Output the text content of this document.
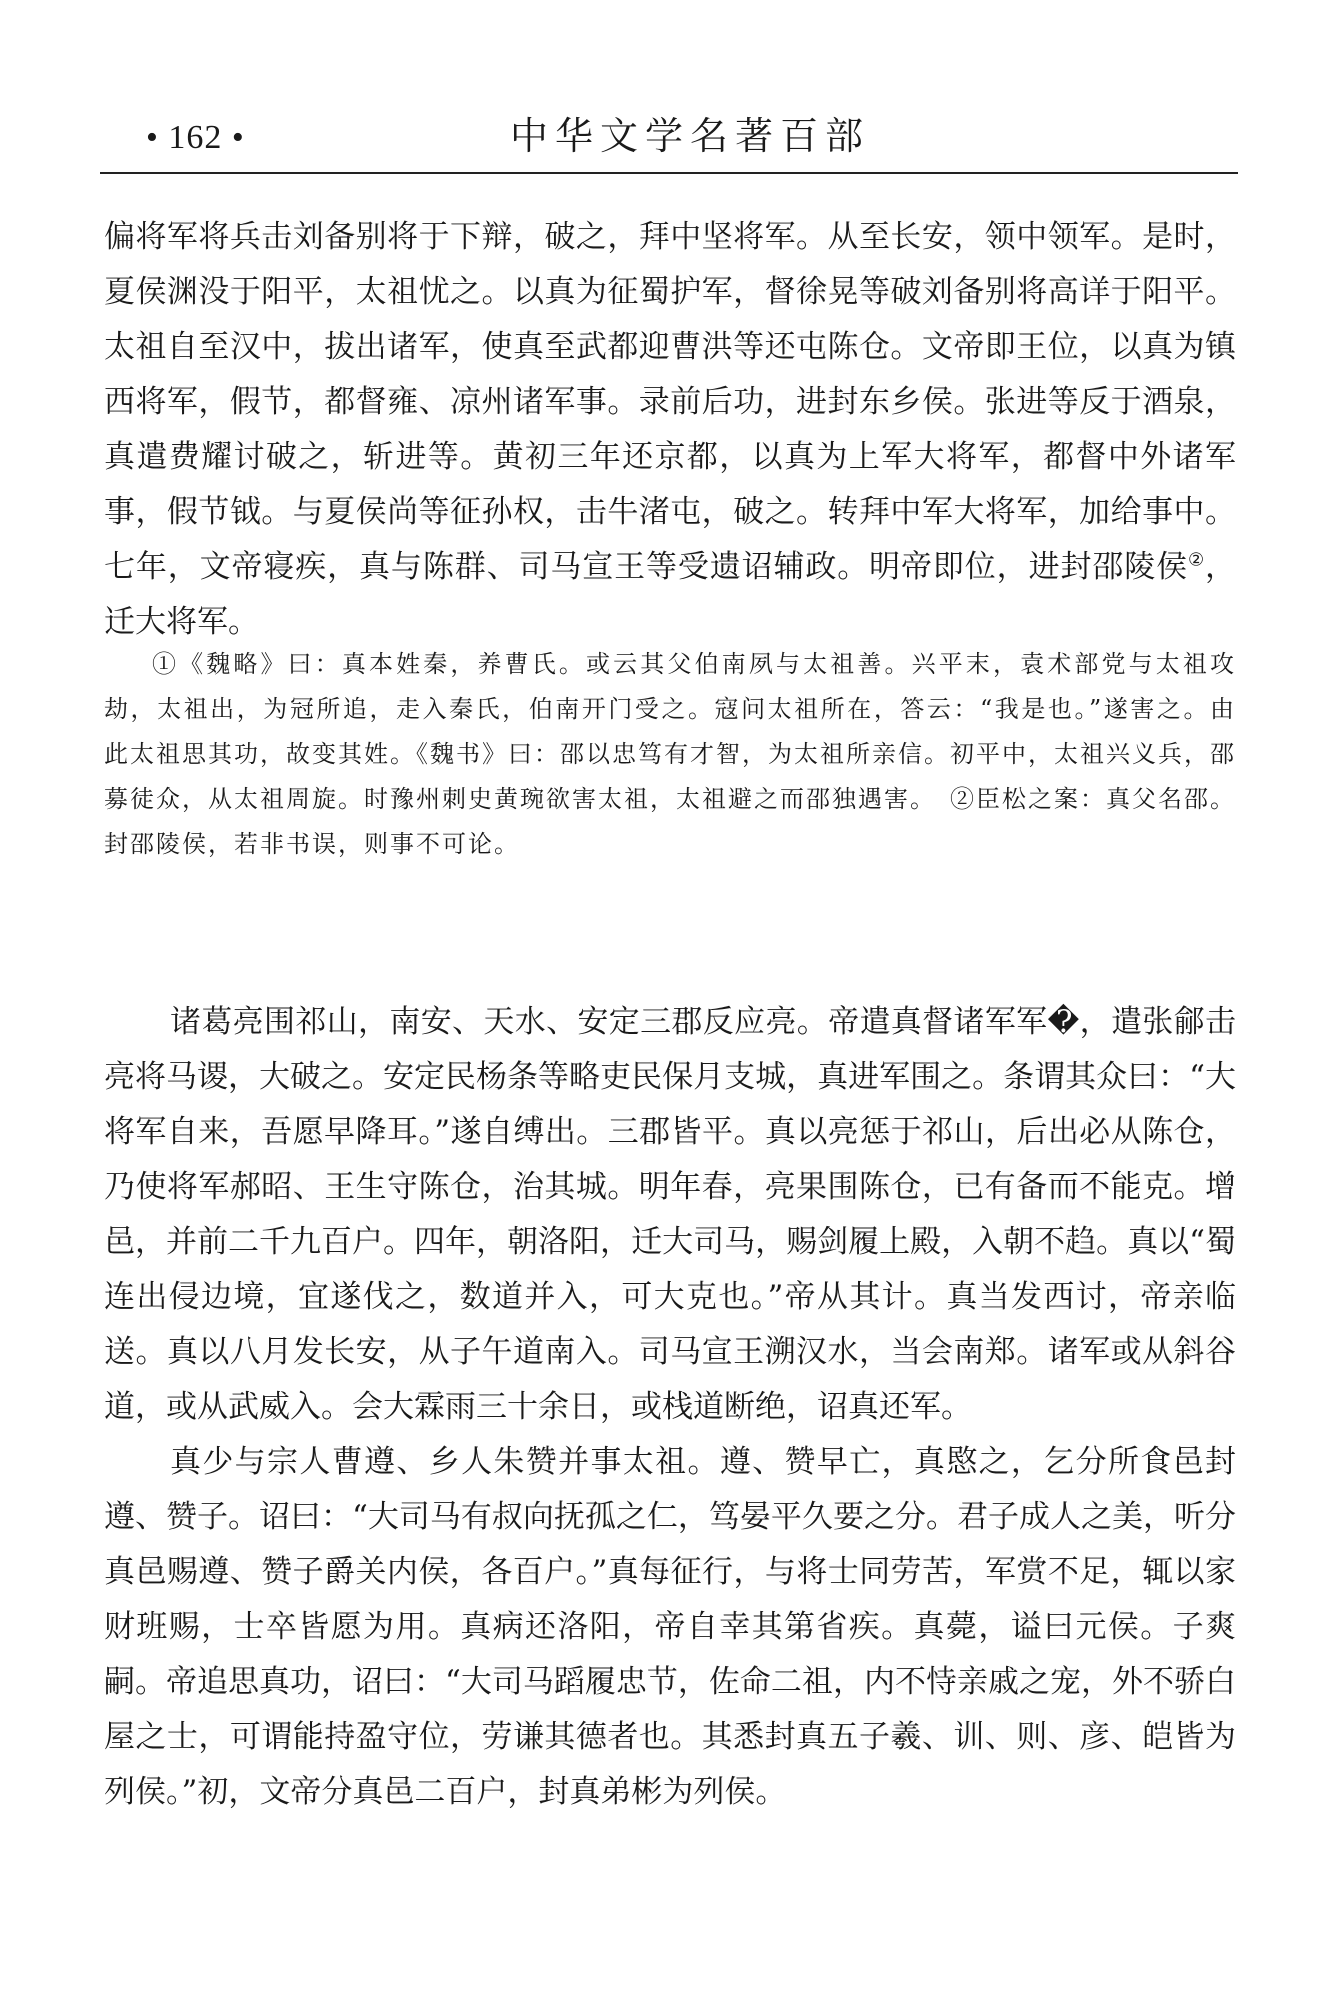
• 162 •	中华文学名著百部

偏将军将兵击刘备别将于下辩，破之，拜中坚将军。从至长安，领中领军。是时，夏侯渊没于阳平，太祖忧之。以真为征蜀护军，督徐晃等破刘备别将高详于阳平。太祖自至汉中，拔出诸军，使真至武都迎曹洪等还屯陈仓。文帝即王位，以真为镇西将军，假节，都督雍、凉州诸军事。录前后功，进封东乡侯。张进等反于酒泉，真遣费耀讨破之，斩进等。黄初三年还京都，以真为上军大将军，都督中外诸军事，假节钺。与夏侯尚等征孙权，击牛渚屯，破之。转拜中军大将军，加给事中。七年，文帝寝疾，真与陈群、司马宣王等受遗诏辅政。明帝即位，进封邵陵侯②，迁大将军。

①《魏略》曰：真本姓秦，养曹氏。或云其父伯南夙与太祖善。兴平末，袁术部党与太祖攻劫，太祖出，为冠所追，走入秦氏，伯南开门受之。寇问太祖所在，答云：“我是也。”遂害之。由此太祖思其功，故变其姓。《魏书》曰：邵以忠笃有才智，为太祖所亲信。初平中，太祖兴义兵，邵募徒众，从太祖周旋。时豫州刺史黄琬欲害太祖，太祖避之而邵独遇害。　②臣松之案：真父名邵。封邵陵侯，若非书误，则事不可论。

诸葛亮围祁山，南安、天水、安定三郡反应亮。帝遣真督诸军军�，遣张鄃击亮将马谡，大破之。安定民杨条等略吏民保月支城，真进军围之。条谓其众曰：“大将军自来，吾愿早降耳。”遂自缚出。三郡皆平。真以亮惩于祁山，后出必从陈仓，乃使将军郝昭、王生守陈仓，治其城。明年春，亮果围陈仓，已有备而不能克。增邑，并前二千九百户。四年，朝洛阳，迁大司马，赐剑履上殿，入朝不趋。真以“蜀连出侵边境，宜遂伐之，数道并入，可大克也。”帝从其计。真当发西讨，帝亲临送。真以八月发长安，从子午道南入。司马宣王溯汉水，当会南郑。诸军或从斜谷道，或从武威入。会大霖雨三十余日，或栈道断绝，诏真还军。

真少与宗人曹遵、乡人朱赞并事太祖。遵、赞早亡，真愍之，乞分所食邑封遵、赞子。诏曰：“大司马有叔向抚孤之仁，笃晏平久要之分。君子成人之美，听分真邑赐遵、赞子爵关内侯，各百户。”真每征行，与将士同劳苦，军赏不足，辄以家财班赐，士卒皆愿为用。真病还洛阳，帝自幸其第省疾。真薨，谥曰元侯。子爽嗣。帝追思真功，诏曰：“大司马蹈履忠节，佐命二祖，内不恃亲戚之宠，外不骄白屋之士，可谓能持盈守位，劳谦其德者也。其悉封真五子羲、训、则、彦、皑皆为列侯。”初，文帝分真邑二百户，封真弟彬为列侯。
